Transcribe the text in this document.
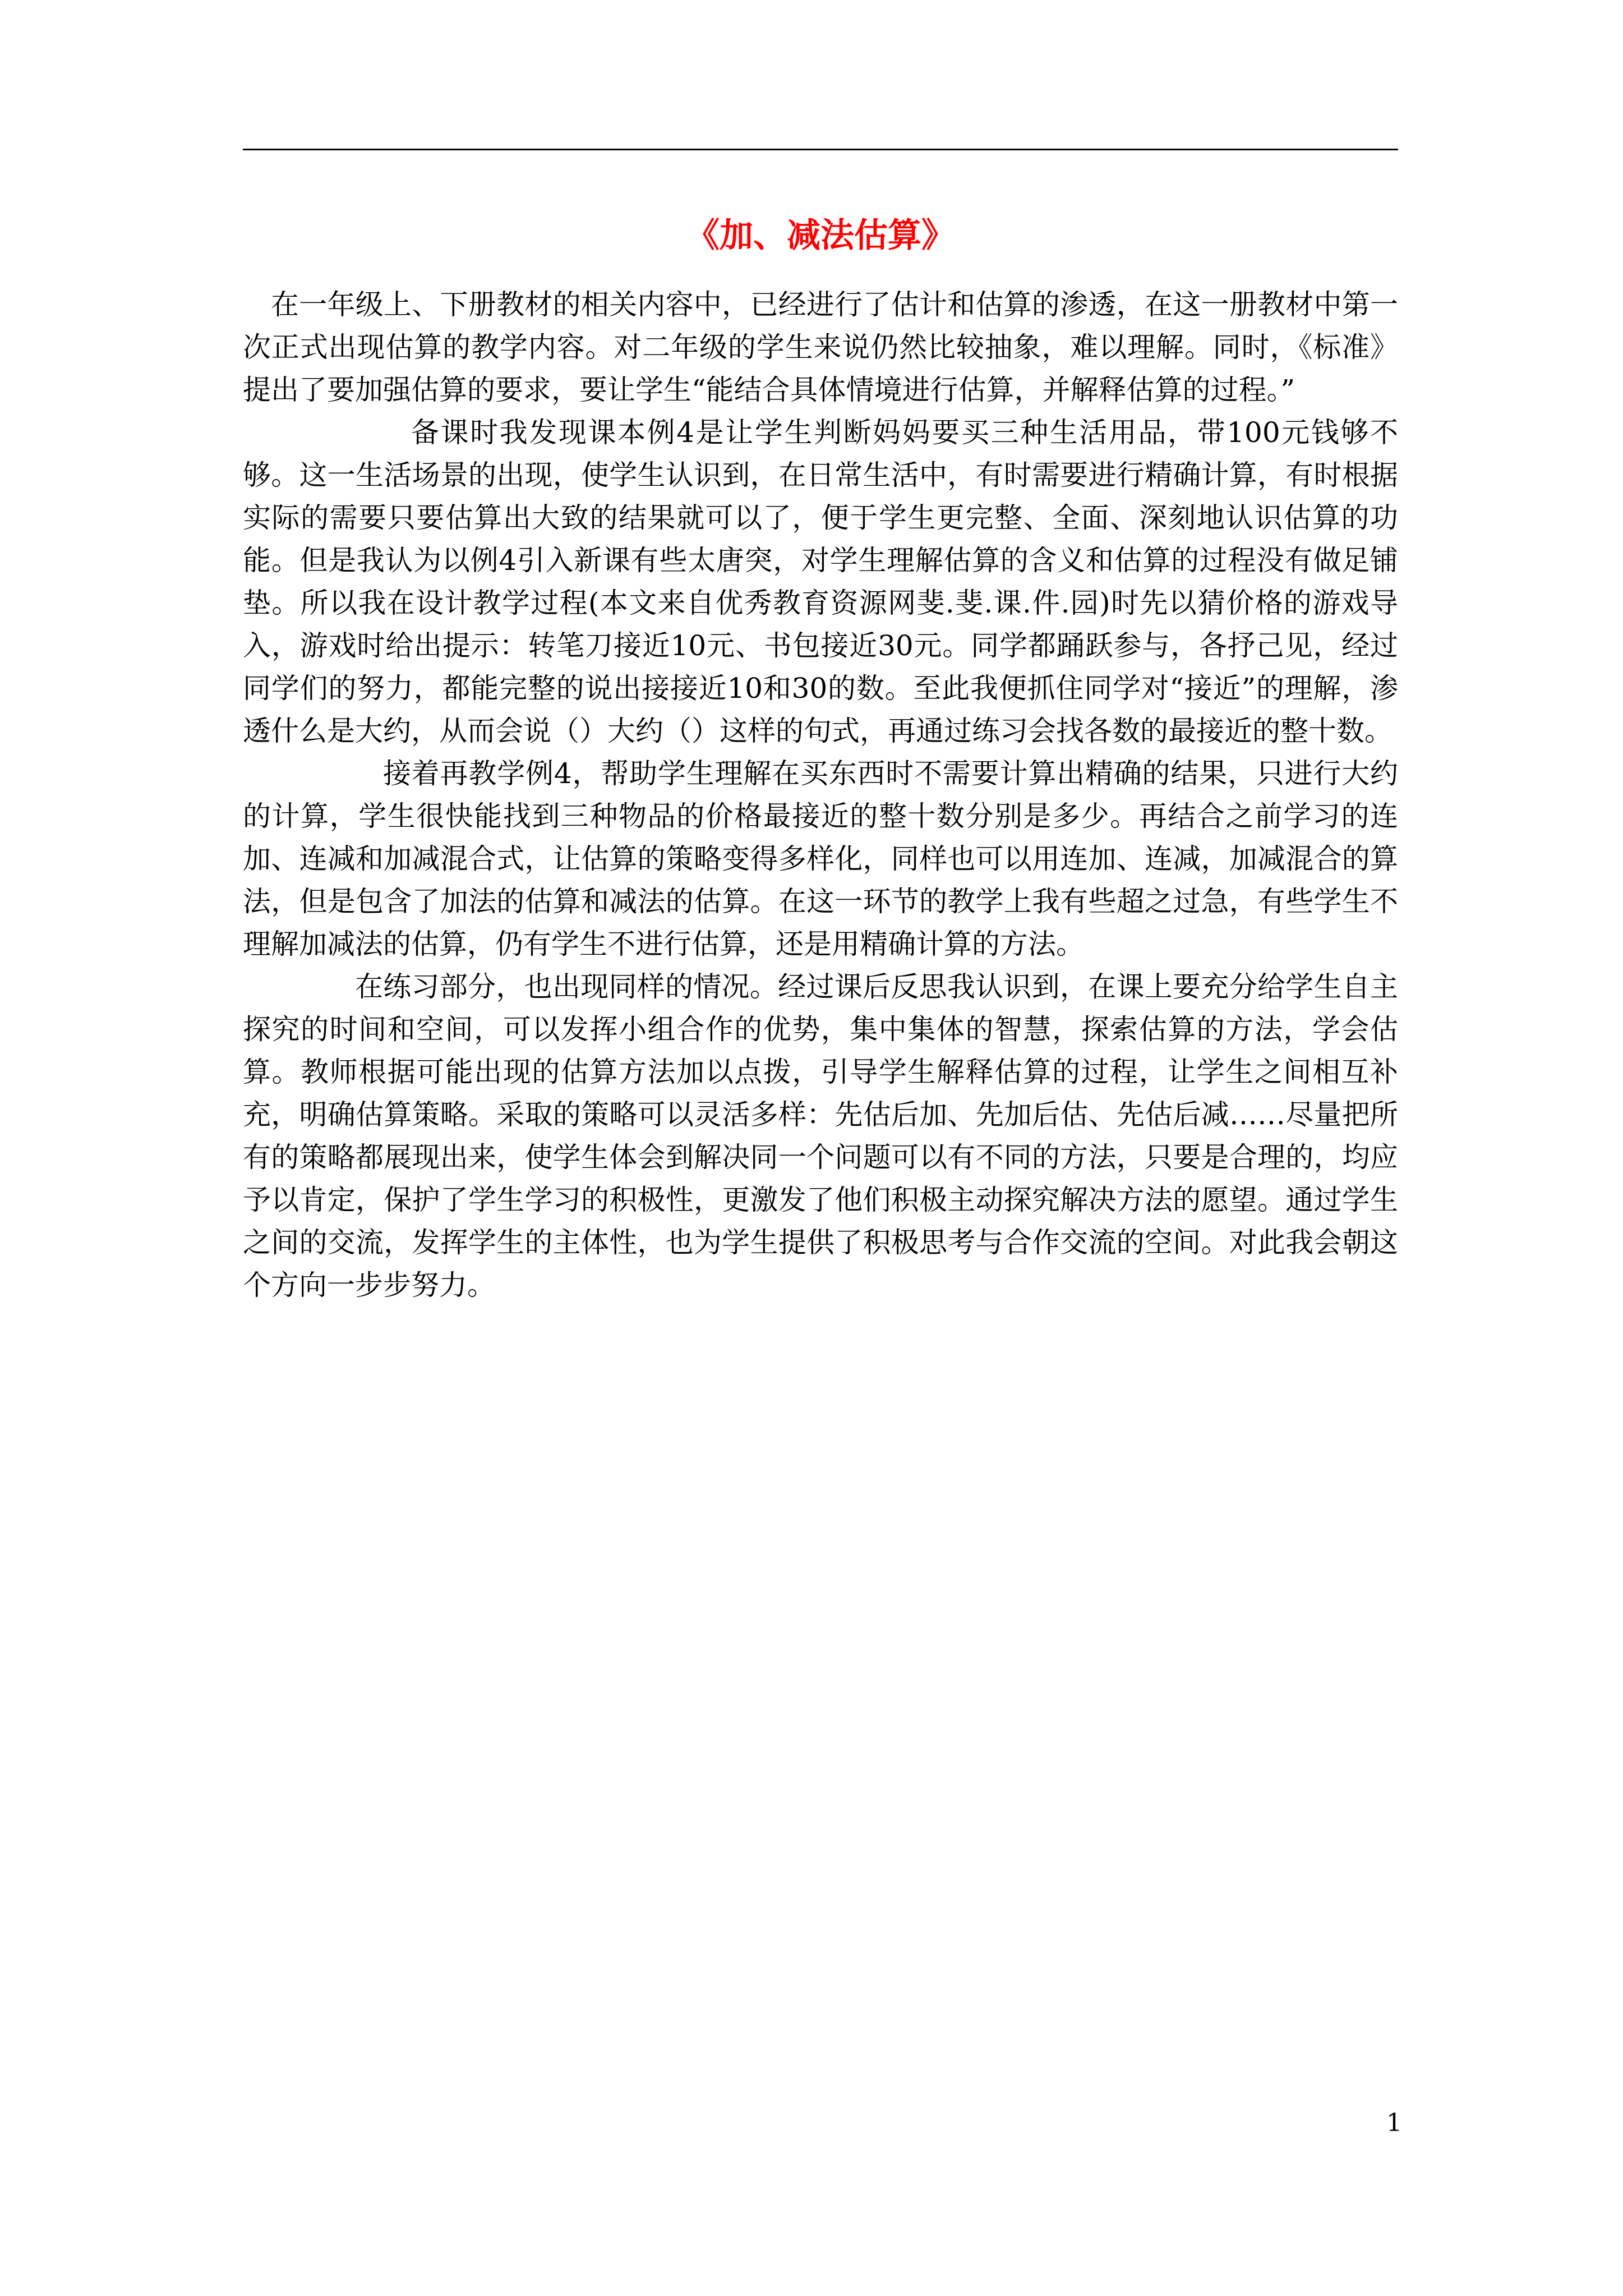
《加、减法估算》

在一年级上、下册教材的相关内容中，已经进行了估计和估算的渗透，在这一册教材中第一次正式出现估算的教学内容。对二年级的学生来说仍然比较抽象，难以理解。同时，《标准》提出了要加强估算的要求，要让学生“能结合具体情境进行估算，并解释估算的过程。”

备课时我发现课本例4是让学生判断妈妈要买三种生活用品，带100元钱够不够。这一生活场景的出现，使学生认识到，在日常生活中，有时需要进行精确计算，有时根据实际的需要只要估算出大致的结果就可以了，便于学生更完整、全面、深刻地认识估算的功能。但是我认为以例4引入新课有些太唐突，对学生理解估算的含义和估算的过程没有做足铺垫。所以我在设计教学过程(本文来自优秀教育资源网斐.斐.课.件.园)时先以猜价格的游戏导入，游戏时给出提示：转笔刀接近10元、书包接近30元。同学都踊跃参与，各抒己见，经过同学们的努力，都能完整的说出接接近10和30的数。至此我便抓住同学对“接近”的理解，渗透什么是大约，从而会说（）大约（）这样的句式，再通过练习会找各数的最接近的整十数。

接着再教学例4，帮助学生理解在买东西时不需要计算出精确的结果，只进行大约的计算，学生很快能找到三种物品的价格最接近的整十数分别是多少。再结合之前学习的连加、连减和加减混合式，让估算的策略变得多样化，同样也可以用连加、连减，加减混合的算法，但是包含了加法的估算和减法的估算。在这一环节的教学上我有些超之过急，有些学生不理解加减法的估算，仍有学生不进行估算，还是用精确计算的方法。

在练习部分，也出现同样的情况。经过课后反思我认识到，在课上要充分给学生自主探究的时间和空间，可以发挥小组合作的优势，集中集体的智慧，探索估算的方法，学会估算。教师根据可能出现的估算方法加以点拨，引导学生解释估算的过程，让学生之间相互补充，明确估算策略。采取的策略可以灵活多样：先估后加、先加后估、先估后减……尽量把所有的策略都展现出来，使学生体会到解决同一个问题可以有不同的方法，只要是合理的，均应予以肯定，保护了学生学习的积极性，更激发了他们积极主动探究解决方法的愿望。通过学生之间的交流，发挥学生的主体性，也为学生提供了积极思考与合作交流的空间。对此我会朝这个方向一步步努力。

1
